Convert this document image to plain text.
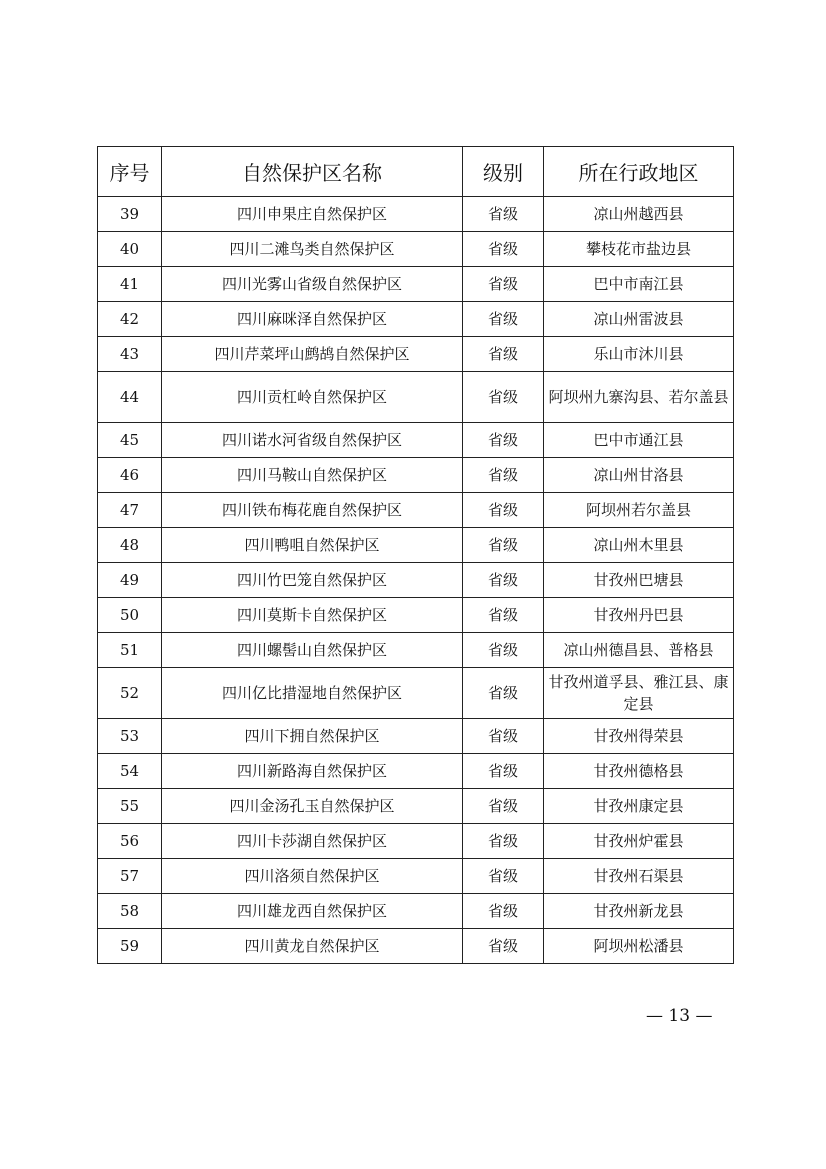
序号	自然保护区名称	级别	所在行政地区
39	四川申果庄自然保护区	省级	凉山州越西县
40	四川二滩鸟类自然保护区	省级	攀枝花市盐边县
41	四川光雾山省级自然保护区	省级	巴中市南江县
42	四川麻咪泽自然保护区	省级	凉山州雷波县
43	四川芹菜坪山鹧鸪自然保护区	省级	乐山市沐川县
44	四川贡杠岭自然保护区	省级	阿坝州九寨沟县、若尔盖县
45	四川诺水河省级自然保护区	省级	巴中市通江县
46	四川马鞍山自然保护区	省级	凉山州甘洛县
47	四川铁布梅花鹿自然保护区	省级	阿坝州若尔盖县
48	四川鸭咀自然保护区	省级	凉山州木里县
49	四川竹巴笼自然保护区	省级	甘孜州巴塘县
50	四川莫斯卡自然保护区	省级	甘孜州丹巴县
51	四川螺髻山自然保护区	省级	凉山州德昌县、普格县
52	四川亿比措湿地自然保护区	省级	甘孜州道孚县、雅江县、康定县
53	四川下拥自然保护区	省级	甘孜州得荣县
54	四川新路海自然保护区	省级	甘孜州德格县
55	四川金汤孔玉自然保护区	省级	甘孜州康定县
56	四川卡莎湖自然保护区	省级	甘孜州炉霍县
57	四川洛须自然保护区	省级	甘孜州石渠县
58	四川雄龙西自然保护区	省级	甘孜州新龙县
59	四川黄龙自然保护区	省级	阿坝州松潘县
— 13 —
